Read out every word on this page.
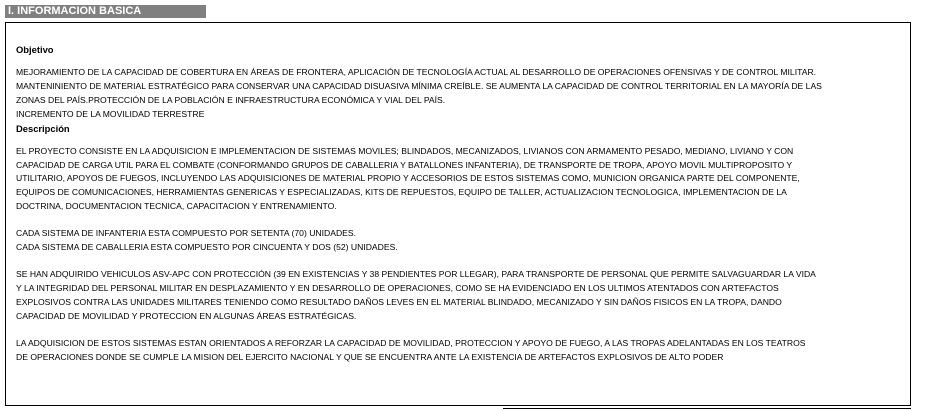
I. INFORMACION BASICA
Objetivo
MEJORAMIENTO DE LA CAPACIDAD DE COBERTURA EN ÁREAS DE FRONTERA, APLICACIÓN DE TECNOLOGÍA ACTUAL AL DESARROLLO DE OPERACIONES OFENSIVAS Y DE CONTROL MILITAR.
MANTENINIENTO DE MATERIAL ESTRATÉGICO PARA CONSERVAR UNA CAPACIDAD DISUASIVA MÍNIMA CREÍBLE. SE AUMENTA LA CAPACIDAD DE CONTROL TERRITORIAL EN LA MAYORÍA DE LAS
ZONAS DEL PAÍS.PROTECCIÓN DE LA POBLACIÓN E INFRAESTRUCTURA ECONÓMICA Y VIAL DEL PAÍS.
INCREMENTO DE LA MOVILIDAD TERRESTRE
Descripción
EL PROYECTO CONSISTE EN LA ADQUISICION E IMPLEMENTACION DE SISTEMAS MOVILES; BLINDADOS, MECANIZADOS, LIVIANOS CON ARMAMENTO PESADO, MEDIANO, LIVIANO Y CON
CAPACIDAD DE CARGA UTIL PARA EL COMBATE (CONFORMANDO GRUPOS DE CABALLERIA Y BATALLONES INFANTERIA), DE TRANSPORTE DE TROPA, APOYO MOVIL MULTIPROPOSITO Y
UTILITARIO, APOYOS DE FUEGOS, INCLUYENDO LAS ADQUISICIONES DE MATERIAL PROPIO Y ACCESORIOS DE ESTOS SISTEMAS COMO, MUNICION ORGANICA PARTE DEL COMPONENTE,
EQUIPOS DE COMUNICACIONES, HERRAMIENTAS GENERICAS Y ESPECIALIZADAS, KITS DE REPUESTOS, EQUIPO DE TALLER, ACTUALIZACION TECNOLOGICA, IMPLEMENTACION DE LA
DOCTRINA, DOCUMENTACION TECNICA, CAPACITACION Y ENTRENAMIENTO.
CADA SISTEMA DE INFANTERIA ESTA COMPUESTO POR SETENTA (70) UNIDADES.
CADA SISTEMA DE CABALLERIA ESTA COMPUESTO POR CINCUENTA Y DOS (52) UNIDADES.
SE HAN ADQUIRIDO VEHICULOS ASV-APC CON PROTECCIÓN (39 EN EXISTENCIAS Y 38 PENDIENTES POR LLEGAR), PARA TRANSPORTE DE PERSONAL QUE PERMITE SALVAGUARDAR LA VIDA
Y LA INTEGRIDAD DEL PERSONAL MILITAR EN DESPLAZAMIENTO Y EN DESARROLLO DE OPERACIONES, COMO SE HA EVIDENCIADO EN LOS ULTIMOS ATENTADOS CON ARTEFACTOS
EXPLOSIVOS CONTRA LAS UNIDADES MILITARES TENIENDO COMO RESULTADO DAÑOS LEVES EN EL MATERIAL BLINDADO, MECANIZADO Y SIN DAÑOS FISICOS EN LA TROPA, DANDO
CAPACIDAD DE MOVILIDAD Y PROTECCION EN ALGUNAS ÁREAS ESTRATÉGICAS.
LA ADQUISICION DE ESTOS SISTEMAS ESTAN ORIENTADOS A REFORZAR LA CAPACIDAD DE MOVILIDAD, PROTECCION Y APOYO DE FUEGO, A LAS TROPAS ADELANTADAS EN LOS TEATROS
DE OPERACIONES DONDE SE CUMPLE LA MISION DEL EJERCITO NACIONAL Y QUE SE ENCUENTRA ANTE LA EXISTENCIA DE ARTEFACTOS EXPLOSIVOS DE ALTO PODER
